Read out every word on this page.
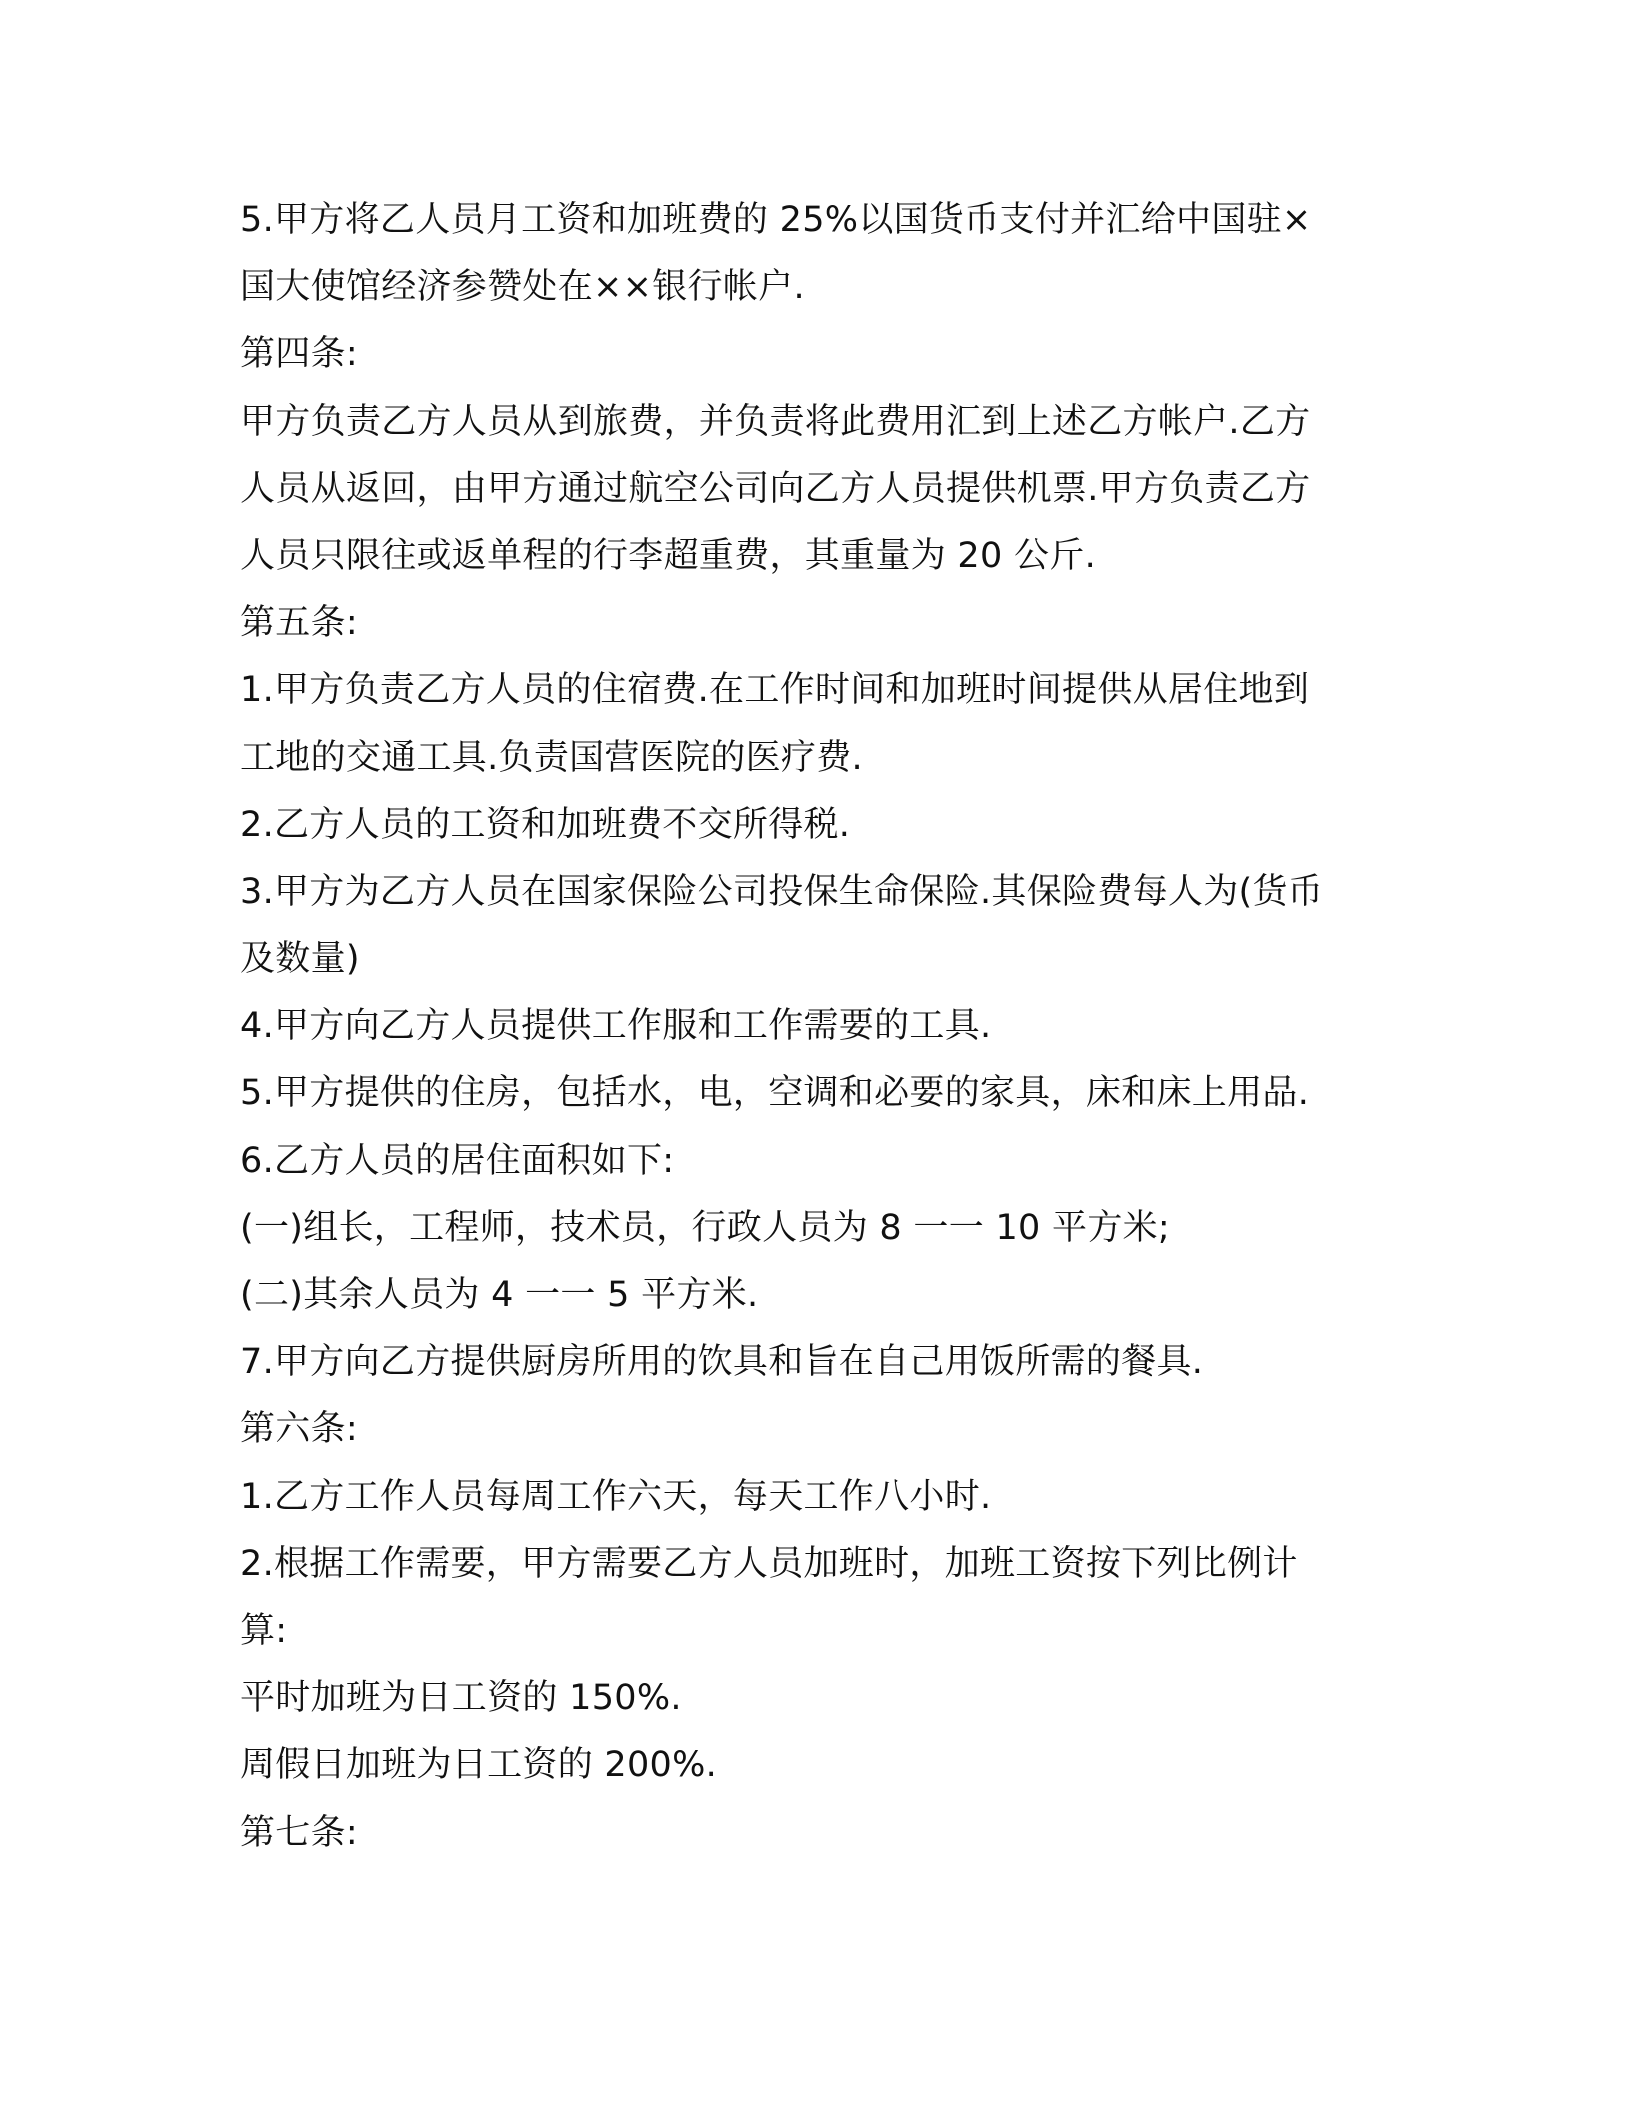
5.甲方将乙人员月工资和加班费的 25%以国货币支付并汇给中国驻×
国大使馆经济参赞处在××银行帐户.
第四条:
甲方负责乙方人员从到旅费，并负责将此费用汇到上述乙方帐户.乙方
人员从返回，由甲方通过航空公司向乙方人员提供机票.甲方负责乙方
人员只限往或返单程的行李超重费，其重量为 20 公斤.
第五条:
1.甲方负责乙方人员的住宿费.在工作时间和加班时间提供从居住地到
工地的交通工具.负责国营医院的医疗费.
2.乙方人员的工资和加班费不交所得税.
3.甲方为乙方人员在国家保险公司投保生命保险.其保险费每人为(货币
及数量)
4.甲方向乙方人员提供工作服和工作需要的工具.
5.甲方提供的住房，包括水，电，空调和必要的家具，床和床上用品.
6.乙方人员的居住面积如下:
(一)组长，工程师，技术员，行政人员为 8 一一 10 平方米;
(二)其余人员为 4 一一 5 平方米.
7.甲方向乙方提供厨房所用的饮具和旨在自己用饭所需的餐具.
第六条:
1.乙方工作人员每周工作六天，每天工作八小时.
2.根据工作需要，甲方需要乙方人员加班时，加班工资按下列比例计
算:
平时加班为日工资的 150%.
周假日加班为日工资的 200%.
第七条:
